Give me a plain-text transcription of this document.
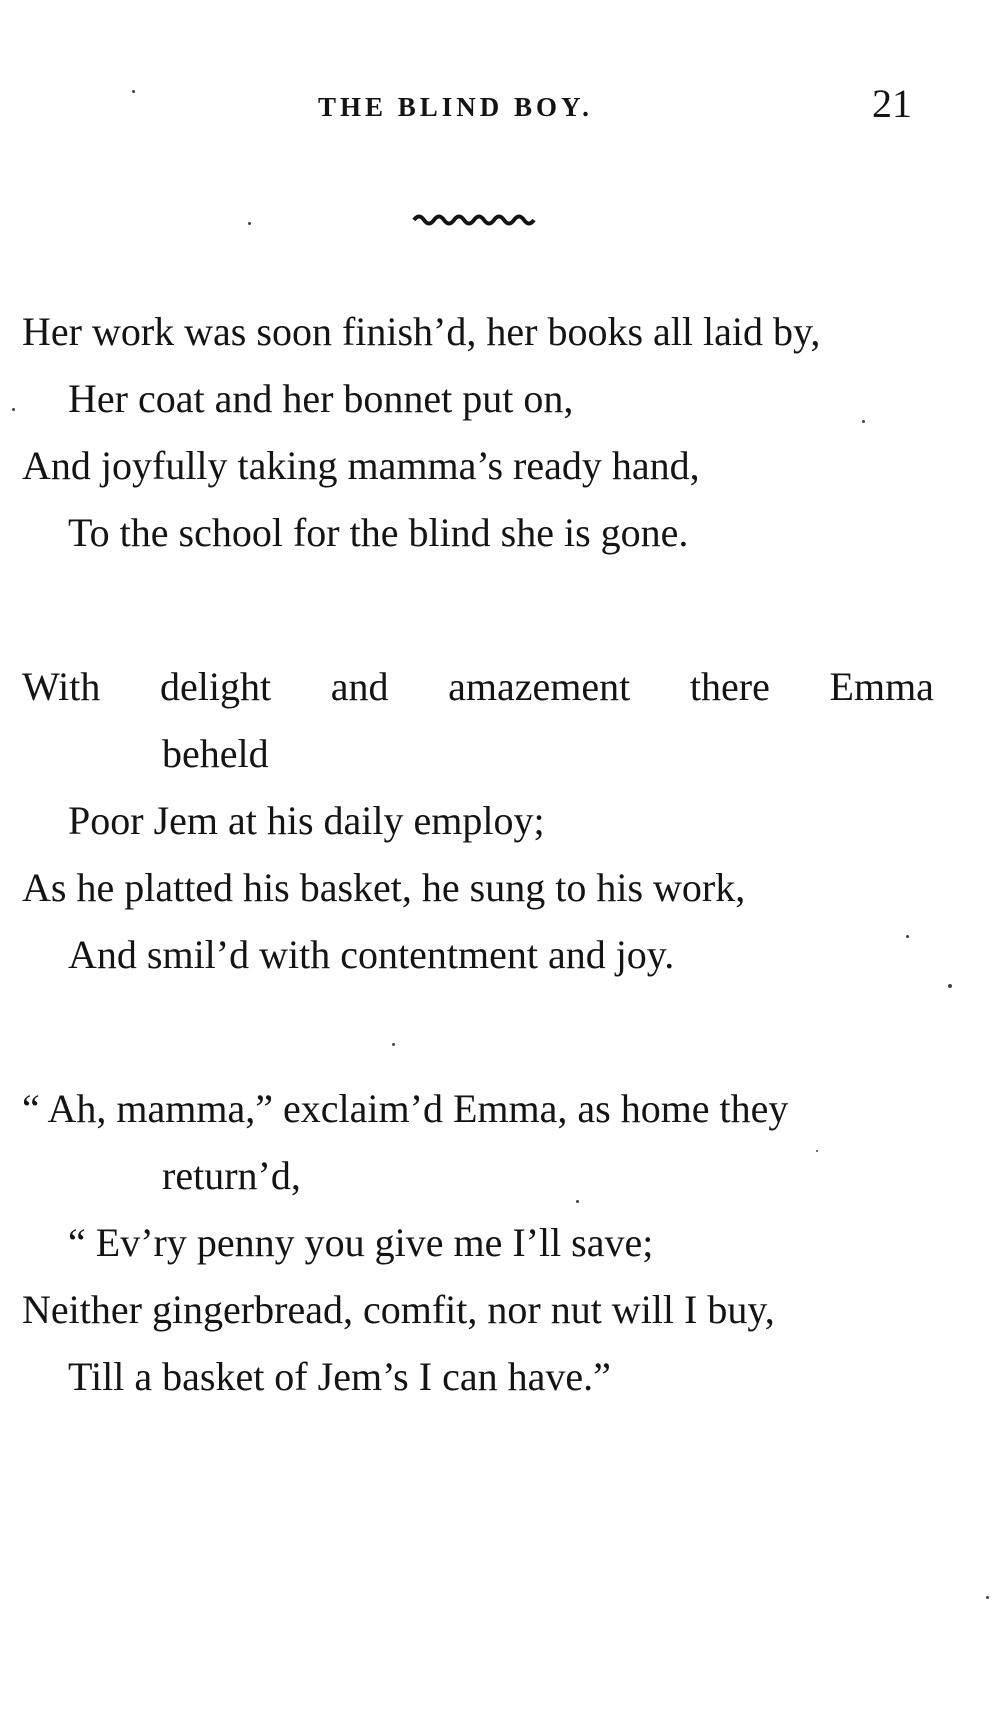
THE BLIND BOY.	21
Her work was soon finish’d, her books all laid by,
Her coat and her bonnet put on,
And joyfully taking mamma’s ready hand,
To the school for the blind she is gone.
With delight and amazement there Emma
beheld
Poor Jem at his daily employ;
As he platted his basket, he sung to his work,
And smil’d with contentment and joy.
“ Ah, mamma,” exclaim’d Emma, as home they
return’d,
“ Ev’ry penny you give me I’ll save;
Neither gingerbread, comfit, nor nut will I buy,
Till a basket of Jem’s I can have.”
